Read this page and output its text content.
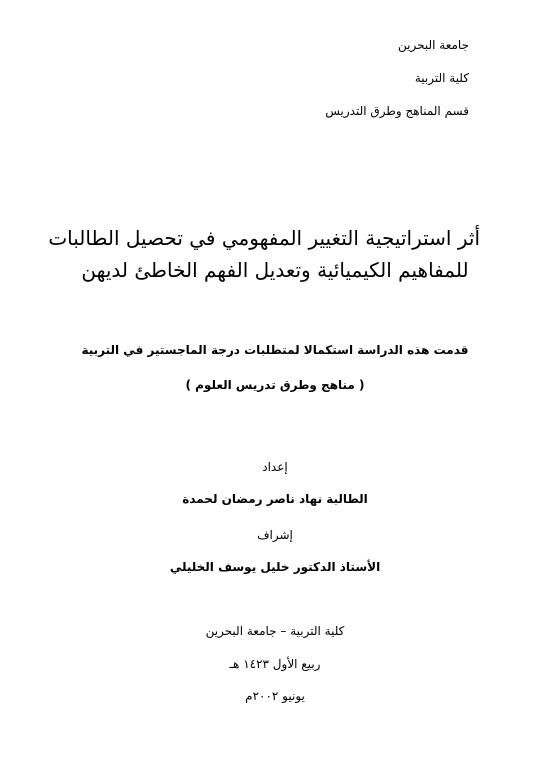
جامعة البحرين
كلية التربية
قسم المناهج وطرق التدريس
أثر استراتيجية التغيير المفهومي في تحصيل الطالبات
للمفاهيم الكيميائية وتعديل الفهم الخاطئ لديهن
قدمت هذه الدراسة استكمالا لمتطلبات درجة الماجستير في التربية
( مناهج وطرق تدريس العلوم )
إعداد
الطالبة نهاد ناصر رمضان لحمدة
إشراف
الأستاذ الدكتور خليل يوسف الخليلي
كلية التربية – جامعة البحرين
ربيع الأول ١٤٢٣ هـ
يونيو ٢٠٠٢م
